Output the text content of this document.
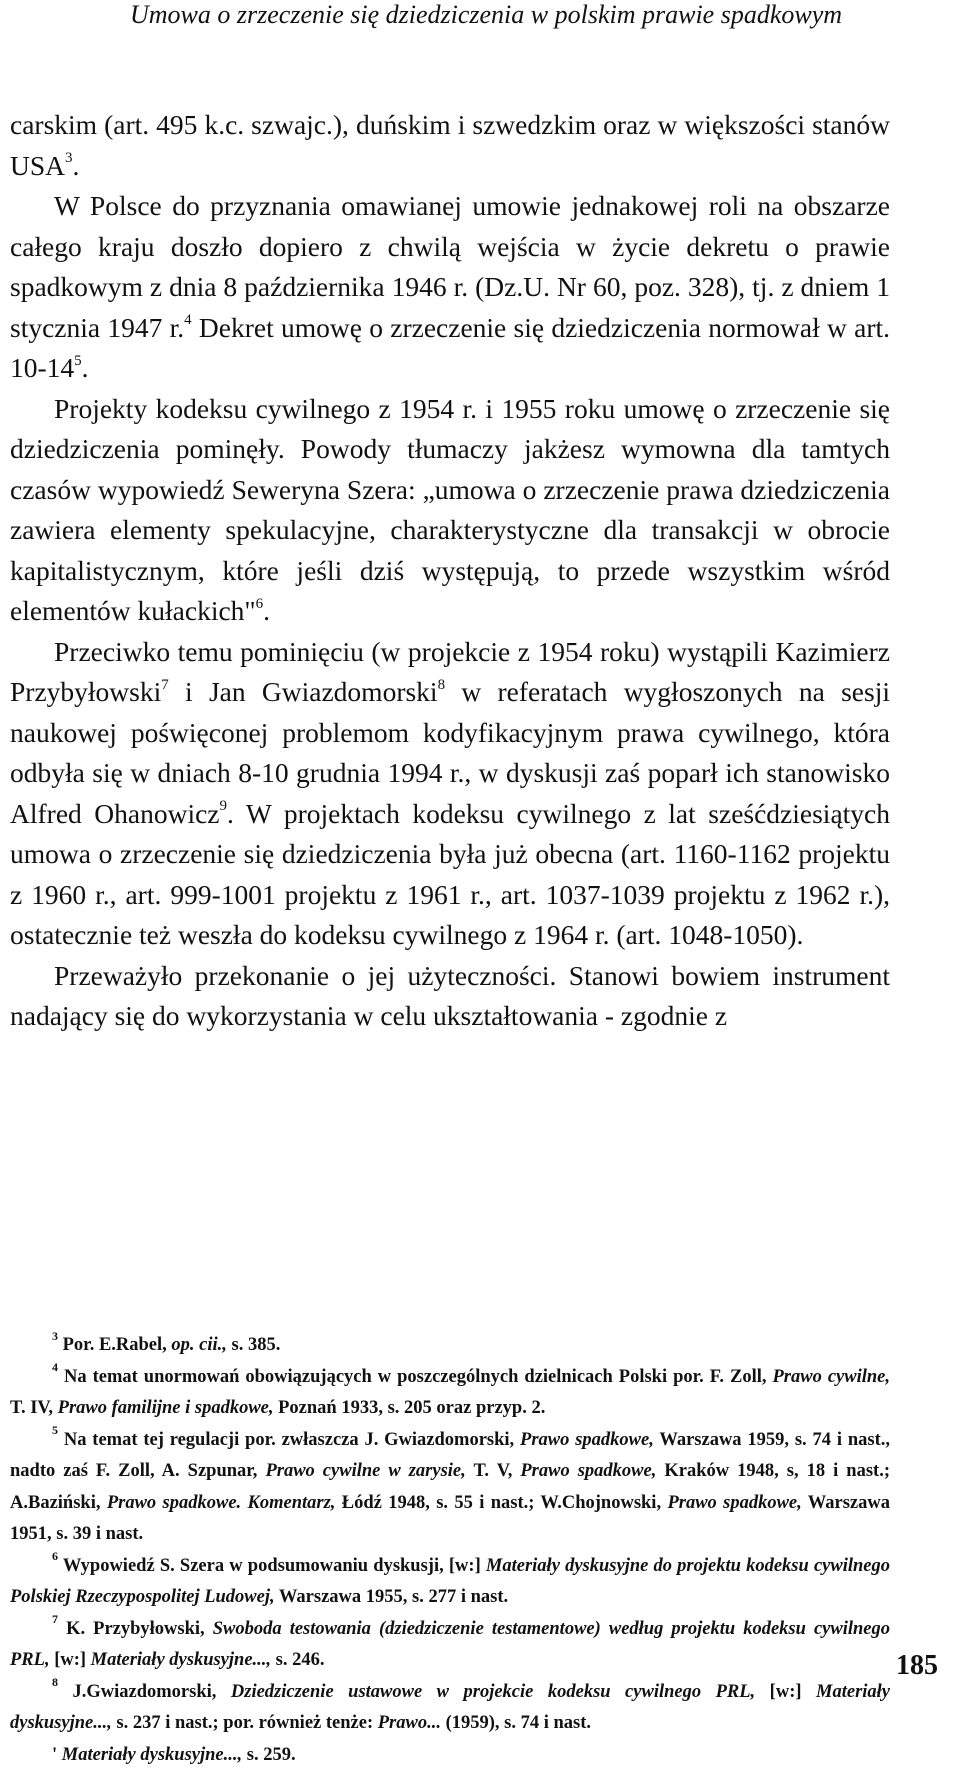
Umowa o zrzeczenie się dziedziczenia w polskim prawie spadkowym

carskim (art. 495 k.c. szwajc.), duńskim i szwedzkim oraz w większości stanów USA$^3$.

W Polsce do przyznania omawianej umowie jednakowej roli na obszarze całego kraju doszło dopiero z chwilą wejścia w życie dekretu o prawie spadkowym z dnia 8 października 1946 r. (Dz.U. Nr 60, poz. 328), tj. z dniem 1 stycznia 1947 r.$^4$ Dekret umowę o zrzeczenie się dziedziczenia normował w art. $10-14^5$.

Projekty kodeksu cywilnego z 1954 r. i 1955 roku umowę o zrzeczenie się dziedziczenia pominęły. Powody tłumaczy jakżesz wymowna dla tamtych czasów wypowiedź Seweryna Szera: „umowa o zrzeczenie prawa dziedziczenia zawiera elementy spekulacyjne, charakterystyczne dla transakcji w obrocie kapitalistycznym, które jeśli dziś występują, to przede wszystkim wśród elementów kułackich"$^6$.

Przeciwko temu pominięciu (w projekcie z 1954 roku) wystąpili Kazimierz Przybyłowski$^7$ i Jan Gwiazdomorski$^8$ w referatach wygłoszonych na sesji naukowej poświęconej problemom kodyfikacyjnym prawa cywilnego, która odbyła się w dniach 8-10 grudnia 1994 r., w dyskusji zaś poparł ich stanowisko Alfred Ohanowicz$^9$. W projektach kodeksu cywilnego z lat sześćdziesiątych umowa o zrzeczenie się dziedziczenia była już obecna (art. 1160-1162 projektu z 1960 r., art. 999-1001 projektu z 1961 r., art. 1037-1039 projektu z 1962 r.), ostatecznie też weszła do kodeksu cywilnego z 1964 r. (art. 1048-1050).

Przeważyło przekonanie o jej użyteczności. Stanowi bowiem instrument nadający się do wykorzystania w celu ukształtowania - zgodnie z

$^3$ Por. E.Rabel, op. cii., s. 385.

$^4$ Na temat unormowań obowiązujących w poszczególnych dzielnicach Polski por. F. Zoll, Prawo cywilne, T. IV, Prawo familijne i spadkowe, Poznań 1933, s. 205 oraz przyp. 2.

$^5$ Na temat tej regulacji por. zwłaszcza J. Gwiazdomorski, Prawo spadkowe, Warszawa 1959, s. 74 i nast., nadto zaś F. Zoll, A. Szpunar, Prawo cywilne w zarysie, T. V, Prawo spadkowe, Kraków 1948, s, 18 i nast.; A.Baziński, Prawo spadkowe. Komentarz, Łódź 1948, s. 55 i nast.; W.Chojnowski, Prawo spadkowe, Warszawa 1951, s. 39 i nast.

$^6$ Wypowiedź S. Szera w podsumowaniu dyskusji, [w:] Materiały dyskusyjne do projektu kodeksu cywilnego Polskiej Rzeczypospolitej Ludowej, Warszawa 1955, s. 277 i nast.

$^7$ K. Przybyłowski, Swoboda testowania (dziedziczenie testamentowe) według projektu kodeksu cywilnego PRL, [w:] Materiały dyskusyjne..., s. 246.

$^8$ J.Gwiazdomorski, Dziedziczenie ustawowe w projekcie kodeksu cywilnego PRL, [w:] Materiały dyskusyjne..., s. 237 i nast.; por. również tenże: Prawo... (1959), s. 74 i nast.

' Materiały dyskusyjne..., s. 259.

185
